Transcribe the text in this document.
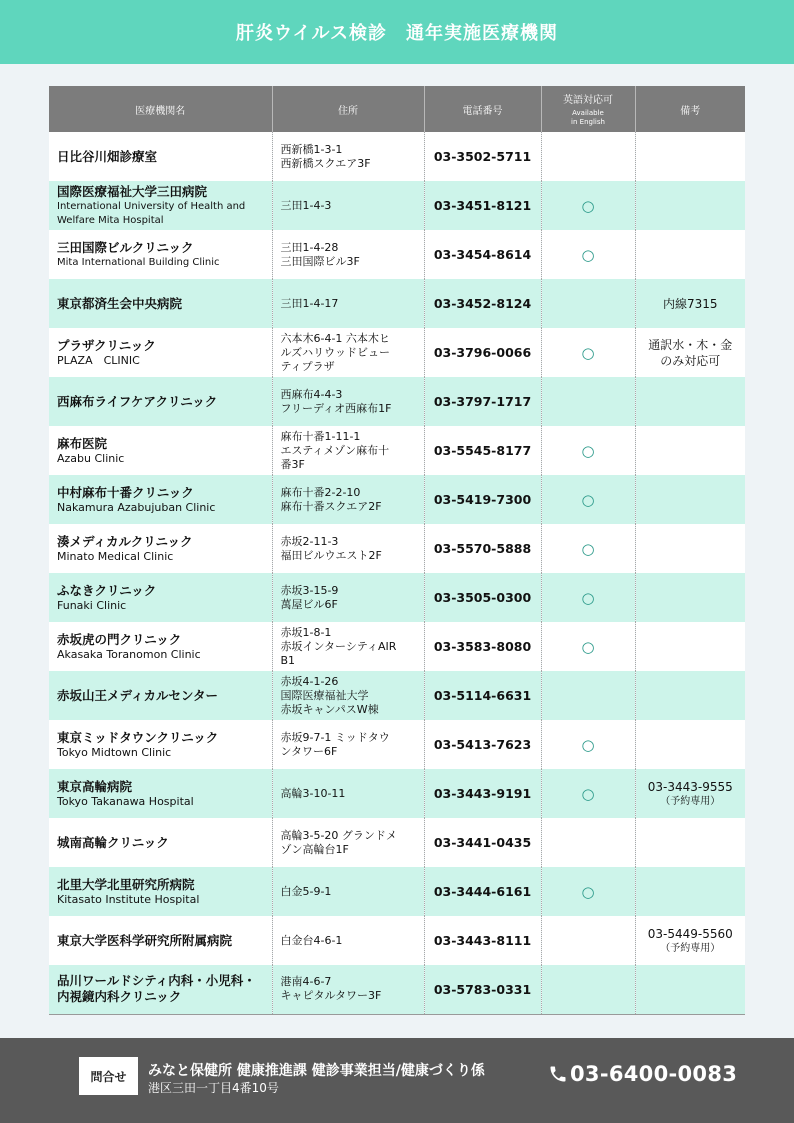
肝炎ウイルス検診　通年実施医療機関
医療機関名	住所	電話番号	英語対応可
Available
in English	備考

日比谷川畑診療室	西新橋1-3-1
西新橋スクエア3F	03-3502-5711		

国際医療福祉大学三田病院
International University of Health and Welfare Mita Hospital	三田1-4-3	03-3451-8121	○	

三田国際ビルクリニック
Mita International Building Clinic	三田1-4-28
三田国際ビル3F	03-3454-8614	○	

東京都済生会中央病院	三田1-4-17	03-3452-8124		内線7315

プラザクリニック
PLAZA　CLINIC	六本木6-4-1 六本木ヒ
ルズハリウッドビュー
ティプラザ	03-3796-0066	○	通訳水・木・金
のみ対応可

西麻布ライフケアクリニック	西麻布4-4-3
フリーディオ西麻布1F	03-3797-1717		

麻布医院
Azabu Clinic	麻布十番1-11-1
エスティメゾン麻布十
番3F	03-5545-8177	○	

中村麻布十番クリニック
Nakamura Azabujuban Clinic	麻布十番2-2-10
麻布十番スクエア2F	03-5419-7300	○	

湊メディカルクリニック
Minato Medical Clinic	赤坂2-11-3
福田ビルウエスト2F	03-5570-5888	○	

ふなきクリニック
Funaki Clinic	赤坂3-15-9
萬屋ビル6F	03-3505-0300	○	

赤坂虎の門クリニック
Akasaka Toranomon Clinic	赤坂1-8-1
赤坂インターシティAIR
B1	03-3583-8080	○	

赤坂山王メディカルセンター	赤坂4-1-26
国際医療福祉大学
赤坂キャンパスW棟	03-5114-6631		

東京ミッドタウンクリニック
Tokyo Midtown Clinic	赤坂9-7-1 ミッドタウ
ンタワー6F	03-5413-7623	○	

東京高輪病院
Tokyo Takanawa Hospital	高輪3-10-11	03-3443-9191	○	03-3443-9555
（予約専用）

城南高輪クリニック	高輪3-5-20 グランドメ
ゾン高輪台1F	03-3441-0435		

北里大学北里研究所病院
Kitasato Institute Hospital	白金5-9-1	03-3444-6161	○	

東京大学医科学研究所附属病院	白金台4-6-1	03-3443-8111		03-5449-5560
（予約専用）

品川ワールドシティ内科・小児科・内視鏡内科クリニック	港南4-6-7
キャピタルタワー3F	03-5783-0331		
問合せ	みなと保健所 健康推進課 健診事業担当/健康づくり係
港区三田一丁目4番10号
03-6400-0083
